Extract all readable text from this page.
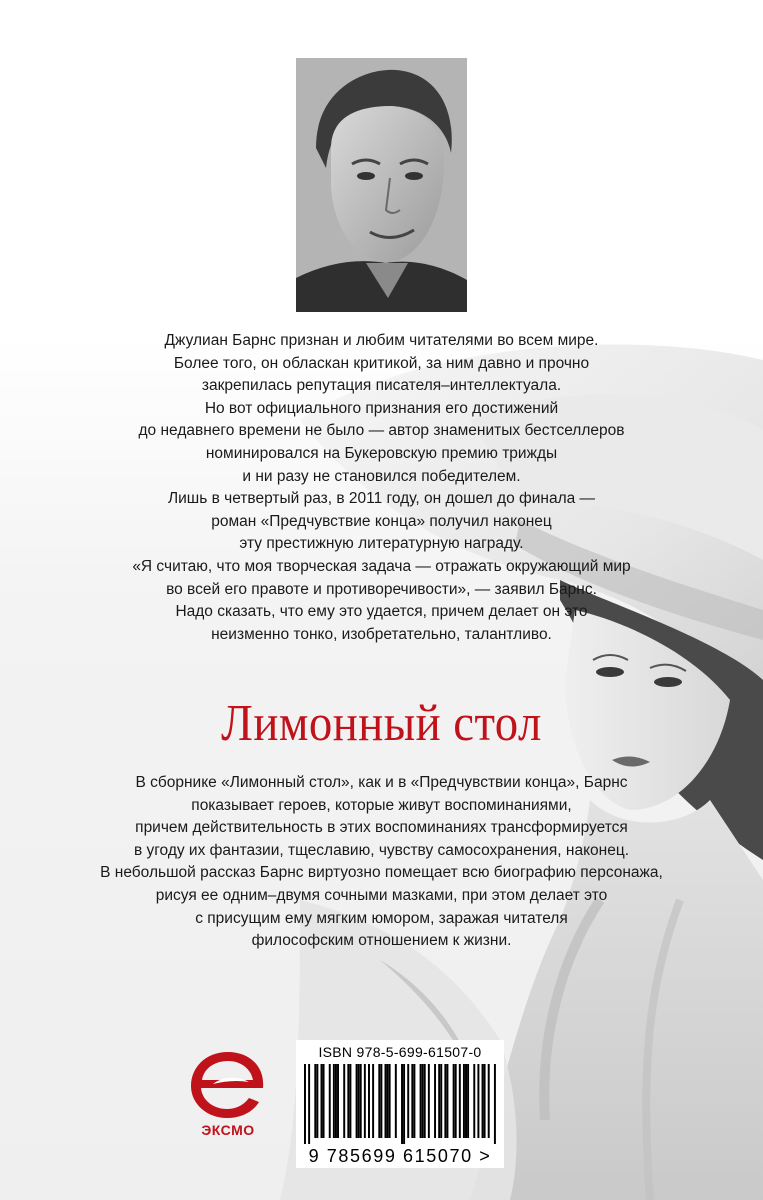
Джулиан Барнс признан и любим читателями во всем мире.
Более того, он обласкан критикой, за ним давно и прочно
закрепилась репутация писателя–интеллектуала.
Но вот официального признания его достижений
до недавнего времени не было — автор знаменитых бестселлеров
номинировался на Букеровскую премию трижды
и ни разу не становился победителем.
Лишь в четвертый раз, в 2011 году, он дошел до финала —
роман «Предчувствие конца» получил наконец
эту престижную литературную награду.
«Я считаю, что моя творческая задача — отражать окружающий мир
во всей его правоте и противоречивости», — заявил Барнс.
Надо сказать, что ему это удается, причем делает он это
неизменно тонко, изобретательно, талантливо.

Лимонный стол

В сборнике «Лимонный стол», как и в «Предчувствии конца», Барнс
показывает героев, которые живут воспоминаниями,
причем действительность в этих воспоминаниях трансформируется
в угоду их фантазии, тщеславию, чувству самосохранения, наконец.
В небольшой рассказ Барнс виртуозно помещает всю биографию персонажа,
рисуя ее одним–двумя сочными мазками, при этом делает это
с присущим ему мягким юмором, заражая читателя
философским отношением к жизни.

ЭКСМО
ISBN 978-5-699-61507-0
9 785699 615070 >
